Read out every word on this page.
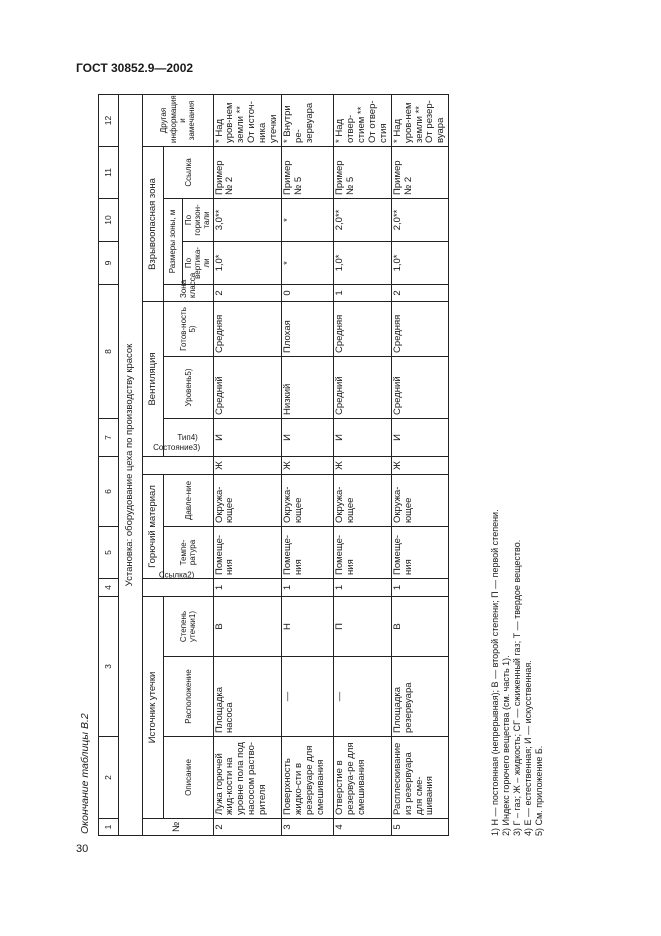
ГОСТ 30852.9—2002
Окончание таблицы В.2
30
1	2	3		4	5	6		7	8			9	10	11	12	
Установка: оборудование цеха по производству красок																
№	Источник утечки			Ссылка2)	Горючий материал		Состояние3)	Вентиляция			Взрывоопасная зона				Другая информация и замечания	
	Описание	Расположение	Степень утечки1)		Темпе-ратура	Давле-ние		Тип4)	Уровень5)	Готов-ность 5)	Зона класса	Размеры зоны, м		Ссылка		
												По вертика-ли	По горизон-тали			
2	Лужа горючей жид-кости на уровне пола под насосом раство-рителя	Площадка насоса	В	1	Помеще-ния	Окружа-ющее	Ж	И	Средний	Средняя	2	1,0*	3,0**	Пример № 2	* Над уров-нем земли ** От источ-ника утечки	
3	Поверхность жидко-сти в резервуаре для смешивания	—	Н	1	Помеще-ния	Окружа-ющее	Ж	И	Низкий	Плохая	0	*	*	Пример № 5	* Внутри ре-зервуара	
4	Отверстие в резервуа-ре для смешивания	—	П	1	Помеще-ния	Окружа-ющее	Ж	И	Средний	Средняя	1	1,0*	2,0**	Пример № 5	* Над отвер-стием ** От отвер-стия	
5	Расплескивание из резервуара для сме-шивания	Площадка резервуара	В	1	Помеще-ния	Окружа-ющее	Ж	И	Средний	Средняя	2	1,0*	2,0**	Пример № 2	* Над уров-нем земли ** От резер-вуара	
1) Н — постоянная (непрерывная); В — второй степени; П — первой степени. 2) Индекс горючего вещества (см. часть 1). 3) Г – газ; Ж – жидкость; СГ — сжиженный газ; Т — твердое вещество. 4) Е — естественная; И — искусственная. 5) См. приложение Б.
